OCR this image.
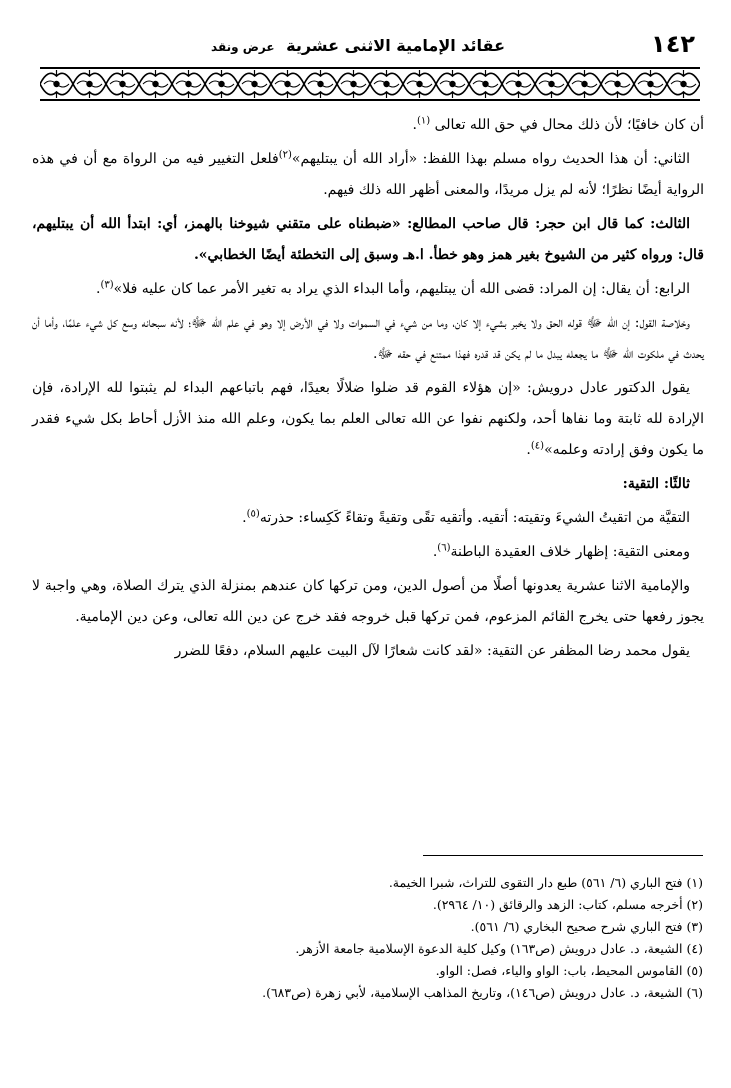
١٤٢
عقائد الإمامية الاثنى عشرية عرض ونقد

أن كان خافيًا؛ لأن ذلك محال في حق الله تعالى $^{(١)}$.

الثاني: أن هذا الحديث رواه مسلم بهذا اللفظ: «أراد الله أن يبتليهم»$^{(٢)}$فلعل التغيير فيه من الرواة مع أن في هذه الرواية أيضًا نظرًا؛ لأنه لم يزل مريدًا، والمعنى أظهر الله ذلك فيهم.

الثالث: كما قال ابن حجر: قال صاحب المطالع: «ضبطناه على متقني شيوخنا بالهمز، أي: ابتدأ الله أن يبتليهم، قال: ورواه كثير من الشيوخ بغير همز وهو خطأ. ا.هـ وسبق إلى التخطئة أيضًا الخطابي».

الرابع: أن يقال: إن المراد: قضى الله أن يبتليهم، وأما البداء الذي يراد به تغير الأمر عما كان عليه فلا»$^{(٣)}$.

وخلاصة القول: إن الله ﷻ قوله الحق ولا يخبر بشيء إلا كان، وما من شيء في السموات ولا في الأرض إلا وهو في علم الله ﷻ؛ لأنه سبحانه وسع كل شيء علمًا، وأما أن يحدث في ملكوت الله ﷻ ما يجعله يبدل ما لم يكن قد قدره فهذا ممتنع في حقه ﷻ.

يقول الدكتور عادل درويش: «إن هؤلاء القوم قد ضلوا ضلالًا بعيدًا، فهم باتباعهم البداء لم يثبتوا لله الإرادة، فإن الإرادة لله ثابتة وما نفاها أحد، ولكنهم نفوا عن الله تعالى العلم بما يكون، وعلم الله منذ الأزل أحاط بكل شيء فقدر ما يكون وفق إرادته وعلمه»$^{(٤)}$.

ثالثًا: التقية:

التقيَّة من اتقيتُ الشيءَ وتقيته: أتقيه. وأتقيه تقًى وتقيةً وتقاءً كَكِساء: حذرته$^{(٥)}$.

ومعنى التقية: إظهار خلاف العقيدة الباطنة$^{(٦)}$.

والإمامية الاثنا عشرية يعدونها أصلًا من أصول الدين، ومن تركها كان عندهم بمنزلة الذي يترك الصلاة، وهي واجبة لا يجوز رفعها حتى يخرج القائم المزعوم، فمن تركها قبل خروجه فقد خرج عن دين الله تعالى، وعن دين الإمامية.

يقول محمد رضا المظفر عن التقية: «لقد كانت شعارًا لآل البيت عليهم السلام، دفعًا للضرر

(١) فتح الباري (٦/ ٥٦١) طبع دار التقوى للتراث، شبرا الخيمة.
(٢) أخرجه مسلم، كتاب: الزهد والرقائق (١٠/ ٢٩٦٤).
(٣) فتح الباري شرح صحيح البخاري (٦/ ٥٦١).
(٤) الشيعة، د. عادل درويش (ص١٦٣) وكيل كلية الدعوة الإسلامية جامعة الأزهر.
(٥) القاموس المحيط، باب: الواو والياء، فصل: الواو.
(٦) الشيعة، د. عادل درويش (ص١٤٦)، وتاريخ المذاهب الإسلامية، لأبي زهرة (ص٦٨٣).
